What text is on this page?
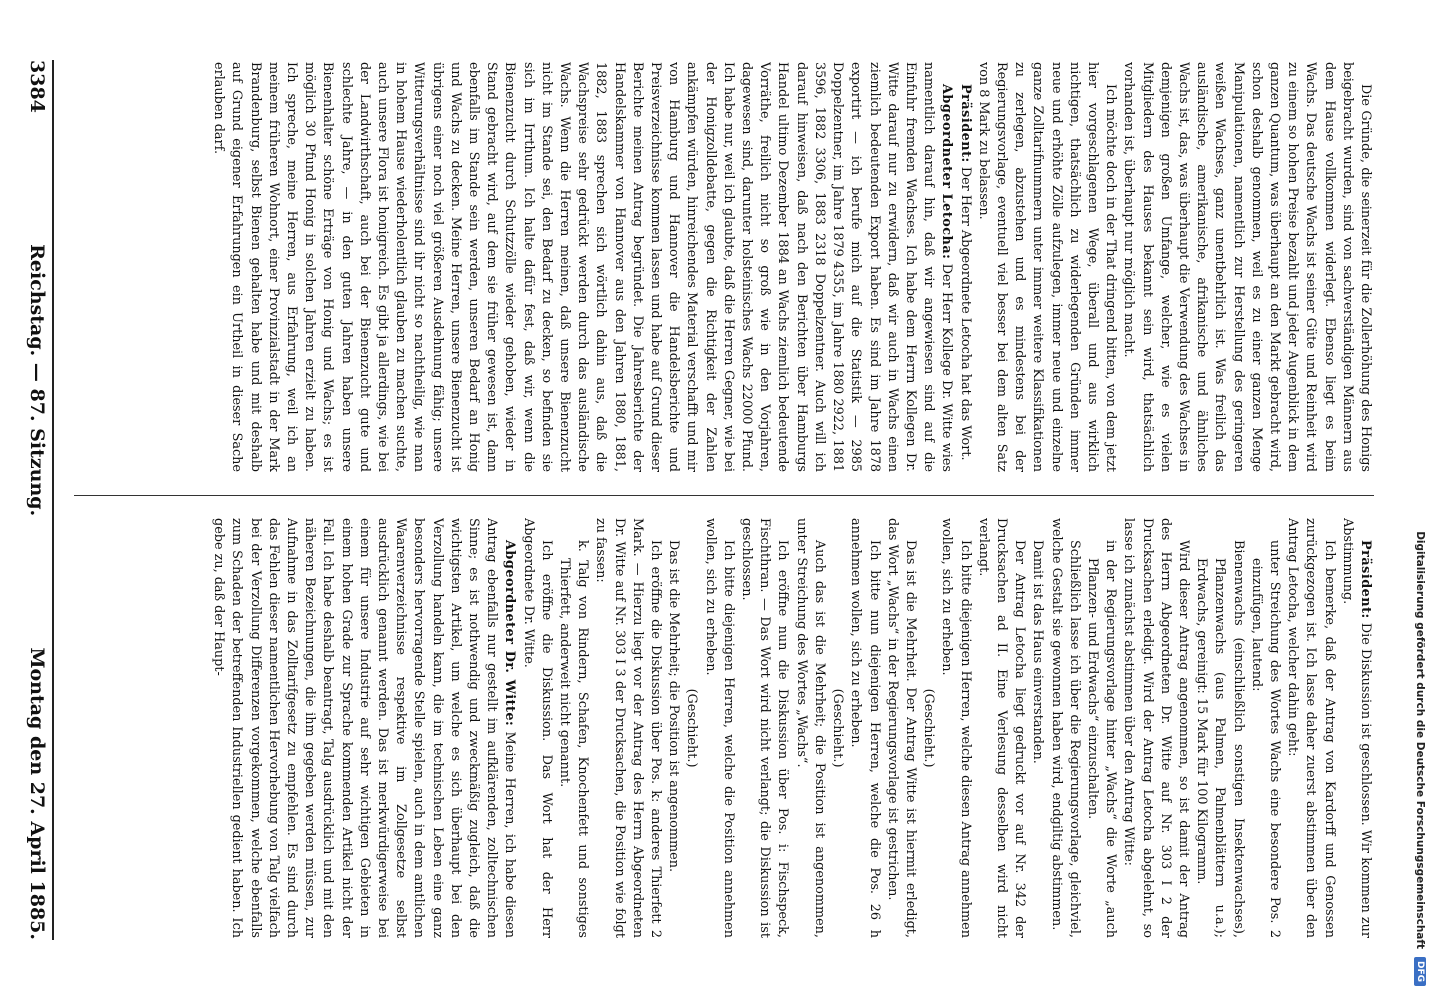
Digitalisierung gefördert durch die Deutsche Forschungsgemeinschaft
DFG

Die Gründe, die seinerzeit für die Zollerhöhung des Honigs beigebracht wurden, sind von sachverständigen Männern aus dem Hause vollkommen widerlegt. Ebenso liegt es beim Wachs. Das deutsche Wachs ist seiner Güte und Reinheit wird zu einem so hohen Preise bezahlt und jeder Augenblick in dem ganzen Quantum, was überhaupt an den Markt gebracht wird, schon deshalb genommen, weil es zu einer ganzen Menge Manipulationen, namentlich zur Herstellung des geringeren weißen Wachses, ganz unentbehrlich ist. Was freilich das ausländische, amerikanische, afrikanische und ähnliches Wachs ist, das, was überhaupt die Verwendung des Wachses in demjenigen großen Umfange, welcher, wie es vielen Mitgliedern des Hauses bekannt sein wird, thatsächlich vorhanden ist, überhaupt nur möglich macht.

Ich möchte doch in der That dringend bitten, von dem jetzt hier vorgeschlagenen Wege, überall und aus wirklich nichtigen, thatsächlich zu widerlegenden Gründen immer neue und erhöhte Zölle aufzulegen, immer neue und einzelne ganze Zolltarifnummern unter immer weitere Klassifikationen zu zerlegen, abzustehen und es mindestens bei der Regierungsvorlage, eventuell viel besser bei dem alten Satz von 8 Mark zu belassen.

Präsident: Der Herr Abgeordnete Letocha hat das Wort.

Abgeordneter Letocha: Der Herr Kollege Dr. Witte wies namentlich darauf hin, daß wir angewiesen sind auf die Einfuhr fremden Wachses. Ich habe dem Herrn Kollegen Dr. Witte darauf nur zu erwidern, daß wir auch in Wachs einen ziemlich bedeutenden Export haben. Es sind im Jahre 1878 exportirt — ich berufe mich auf die Statistik — 2985 Doppelzentner, im Jahre 1879 4355, im Jahre 1880 2922, 1881 3596, 1882 3306, 1883 2318 Doppelzentner. Auch will ich darauf hinweisen, daß nach den Berichten über Hamburgs Handel ultimo Dezember 1884 an Wachs ziemlich bedeutende Vorräthe, freilich nicht so groß wie in den Vorjahren, dagewesen sind, darunter holsteinisches Wachs 22000 Pfund. Ich habe nur, weil ich glaubte, daß die Herren Gegner, wie bei der Honigzolldebatte, gegen die Richtigkeit der Zahlen ankämpfen würden, hinreichendes Material verschafft und mir von Hamburg und Hannover die Handelsberichte und Preisverzeichnisse kommen lassen und habe auf Grund dieser Berichte meinen Antrag begründet. Die Jahresberichte der Handelskammer von Hannover aus den Jahren 1880, 1881, 1882, 1883 sprechen sich wörtlich dahin aus, daß die Wachspreise sehr gedrückt werden durch das ausländische Wachs. Wenn die Herren meinen, daß unsere Bienenzucht nicht im Stande sei, den Bedarf zu decken, so befinden sie sich im Irrthum. Ich halte dafür fest, daß wir, wenn die Bienenzucht durch Schutzzölle wieder gehoben, wieder in Stand gebracht wird, auf dem sie früher gewesen ist, dann ebenfalls im Stande sein werden, unseren Bedarf an Honig und Wachs zu decken. Meine Herren, unsere Bienenzucht ist übrigens einer noch viel größeren Ausdehnung fähig; unsere Witterungsverhältnisse sind ihr nicht so nachtheilig, wie man in hohem Hause wiederholentlich glauben zu machen suchte, auch unsere Flora ist honigreich. Es gibt ja allerdings, wie bei der Landwirthschaft, auch bei der Bienenzucht gute und schlechte Jahre, — in den guten Jahren haben unsere Bienenhalter schöne Erträge von Honig und Wachs; es ist möglich 30 Pfund Honig in solchen Jahren erzielt zu haben. Ich spreche, meine Herren, aus Erfahrung, weil ich an meinem früheren Wohnort, einer Provinzialstadt in der Mark Brandenburg, selbst Bienen gehalten habe und mit deshalb auf Grund eigener Erfahrungen ein Urtheil in dieser Sache erlauben darf.

Präsident: Die Diskussion ist geschlossen. Wir kommen zur Abstimmung.

Ich bemerke, daß der Antrag von Kardorff und Genossen zurückgezogen ist. Ich lasse daher zuerst abstimmen über den Antrag Letocha, welcher dahin geht:

unter Streichung des Wortes Wachs eine besondere Pos. 2 einzufügen, lautend:

Bienenwachs (einschließlich sonstigen Insektenwachses), Pflanzenwachs (aus Palmen, Palmenblättern u.a.); Erdwachs, gereinigt: 15 Mark für 100 Kilogramm.

Wird dieser Antrag angenommen, so ist damit der Antrag des Herrn Abgeordneten Dr. Witte auf Nr. 303 I 2 der Drucksachen erledigt. Wird der Antrag Letocha abgelehnt, so lasse ich zunächst abstimmen über den Antrag Witte:

in der Regierungsvorlage hinter „Wachs“ die Worte „auch Pflanzen- und Erdwachs“ einzuschalten.

Schließlich lasse ich über die Regierungsvorlage, gleichviel, welche Gestalt sie gewonnen haben wird, endgiltig abstimmen.

Damit ist das Haus einverstanden.

Der Antrag Letocha liegt gedruckt vor auf Nr. 342 der Drucksachen ad II. Eine Verlesung desselben wird nicht verlangt.

Ich bitte diejenigen Herren, welche diesen Antrag annehmen wollen, sich zu erheben.

(Geschieht.)

Das ist die Mehrheit. Der Antrag Witte ist hiermit erledigt, das Wort „Wachs“ in der Regierungsvorlage ist gestrichen.

Ich bitte nun diejenigen Herren, welche die Pos. 26 h annehmen wollen, sich zu erheben.

(Geschieht.)

Auch das ist die Mehrheit; die Position ist angenommen, unter Streichung des Wortes „Wachs“.

Ich eröffne nun die Diskussion über Pos. i: Fischspeck, Fischthran. — Das Wort wird nicht verlangt; die Diskussion ist geschlossen.

Ich bitte diejenigen Herren, welche die Position annehmen wollen, sich zu erheben.

(Geschieht.)

Das ist die Mehrheit; die Position ist angenommen.

Ich eröffne die Diskussion über Pos. k: anderes Thierfett 2 Mark. — Hierzu liegt vor der Antrag des Herrn Abgeordneten Dr. Witte auf Nr. 303 I 3 der Drucksachen, die Position wie folgt zu fassen:

k. Talg von Rindern, Schafen, Knochenfett und sonstiges Thierfett, anderweit nicht genannt.

Ich eröffne die Diskussion. Das Wort hat der Herr Abgeordnete Dr. Witte.

Abgeordneter Dr. Witte: Meine Herren, ich habe diesen Antrag ebenfalls nur gestellt im aufklärenden, zolltechnischen Sinne; es ist nothwendig und zweckmäßig zugleich, daß die wichtigsten Artikel, um welche es sich überhaupt bei den Verzollung handeln kann, die im technischen Leben eine ganz besonders hervorragende Stelle spielen, auch in dem amtlichen Waarenverzeichnisse respektive im Zollgesetze selbst ausdrücklich genannt werden. Das ist merkwürdigerweise bei einem für unsere Industrie auf sehr wichtigen Gebieten in einem hohen Grade zur Sprache kommenden Artikel nicht der Fall. Ich habe deshalb beantragt, Talg ausdrücklich und mit den näheren Bezeichnungen, die ihm gegeben werden müssen, zur Aufnahme in das Zolltarifgesetz zu empfehlen. Es sind durch das Fehlen dieser namentlichen Hervorhebung von Talg vielfach bei der Verzollung Differenzen vorgekommen, welche ebenfalls zum Schaden der betreffenden Industriellen gedient haben. Ich gebe zu, daß der Haupt-

3384
Reichstag. — 87. Sitzung.
Montag den 27. April 1885.
